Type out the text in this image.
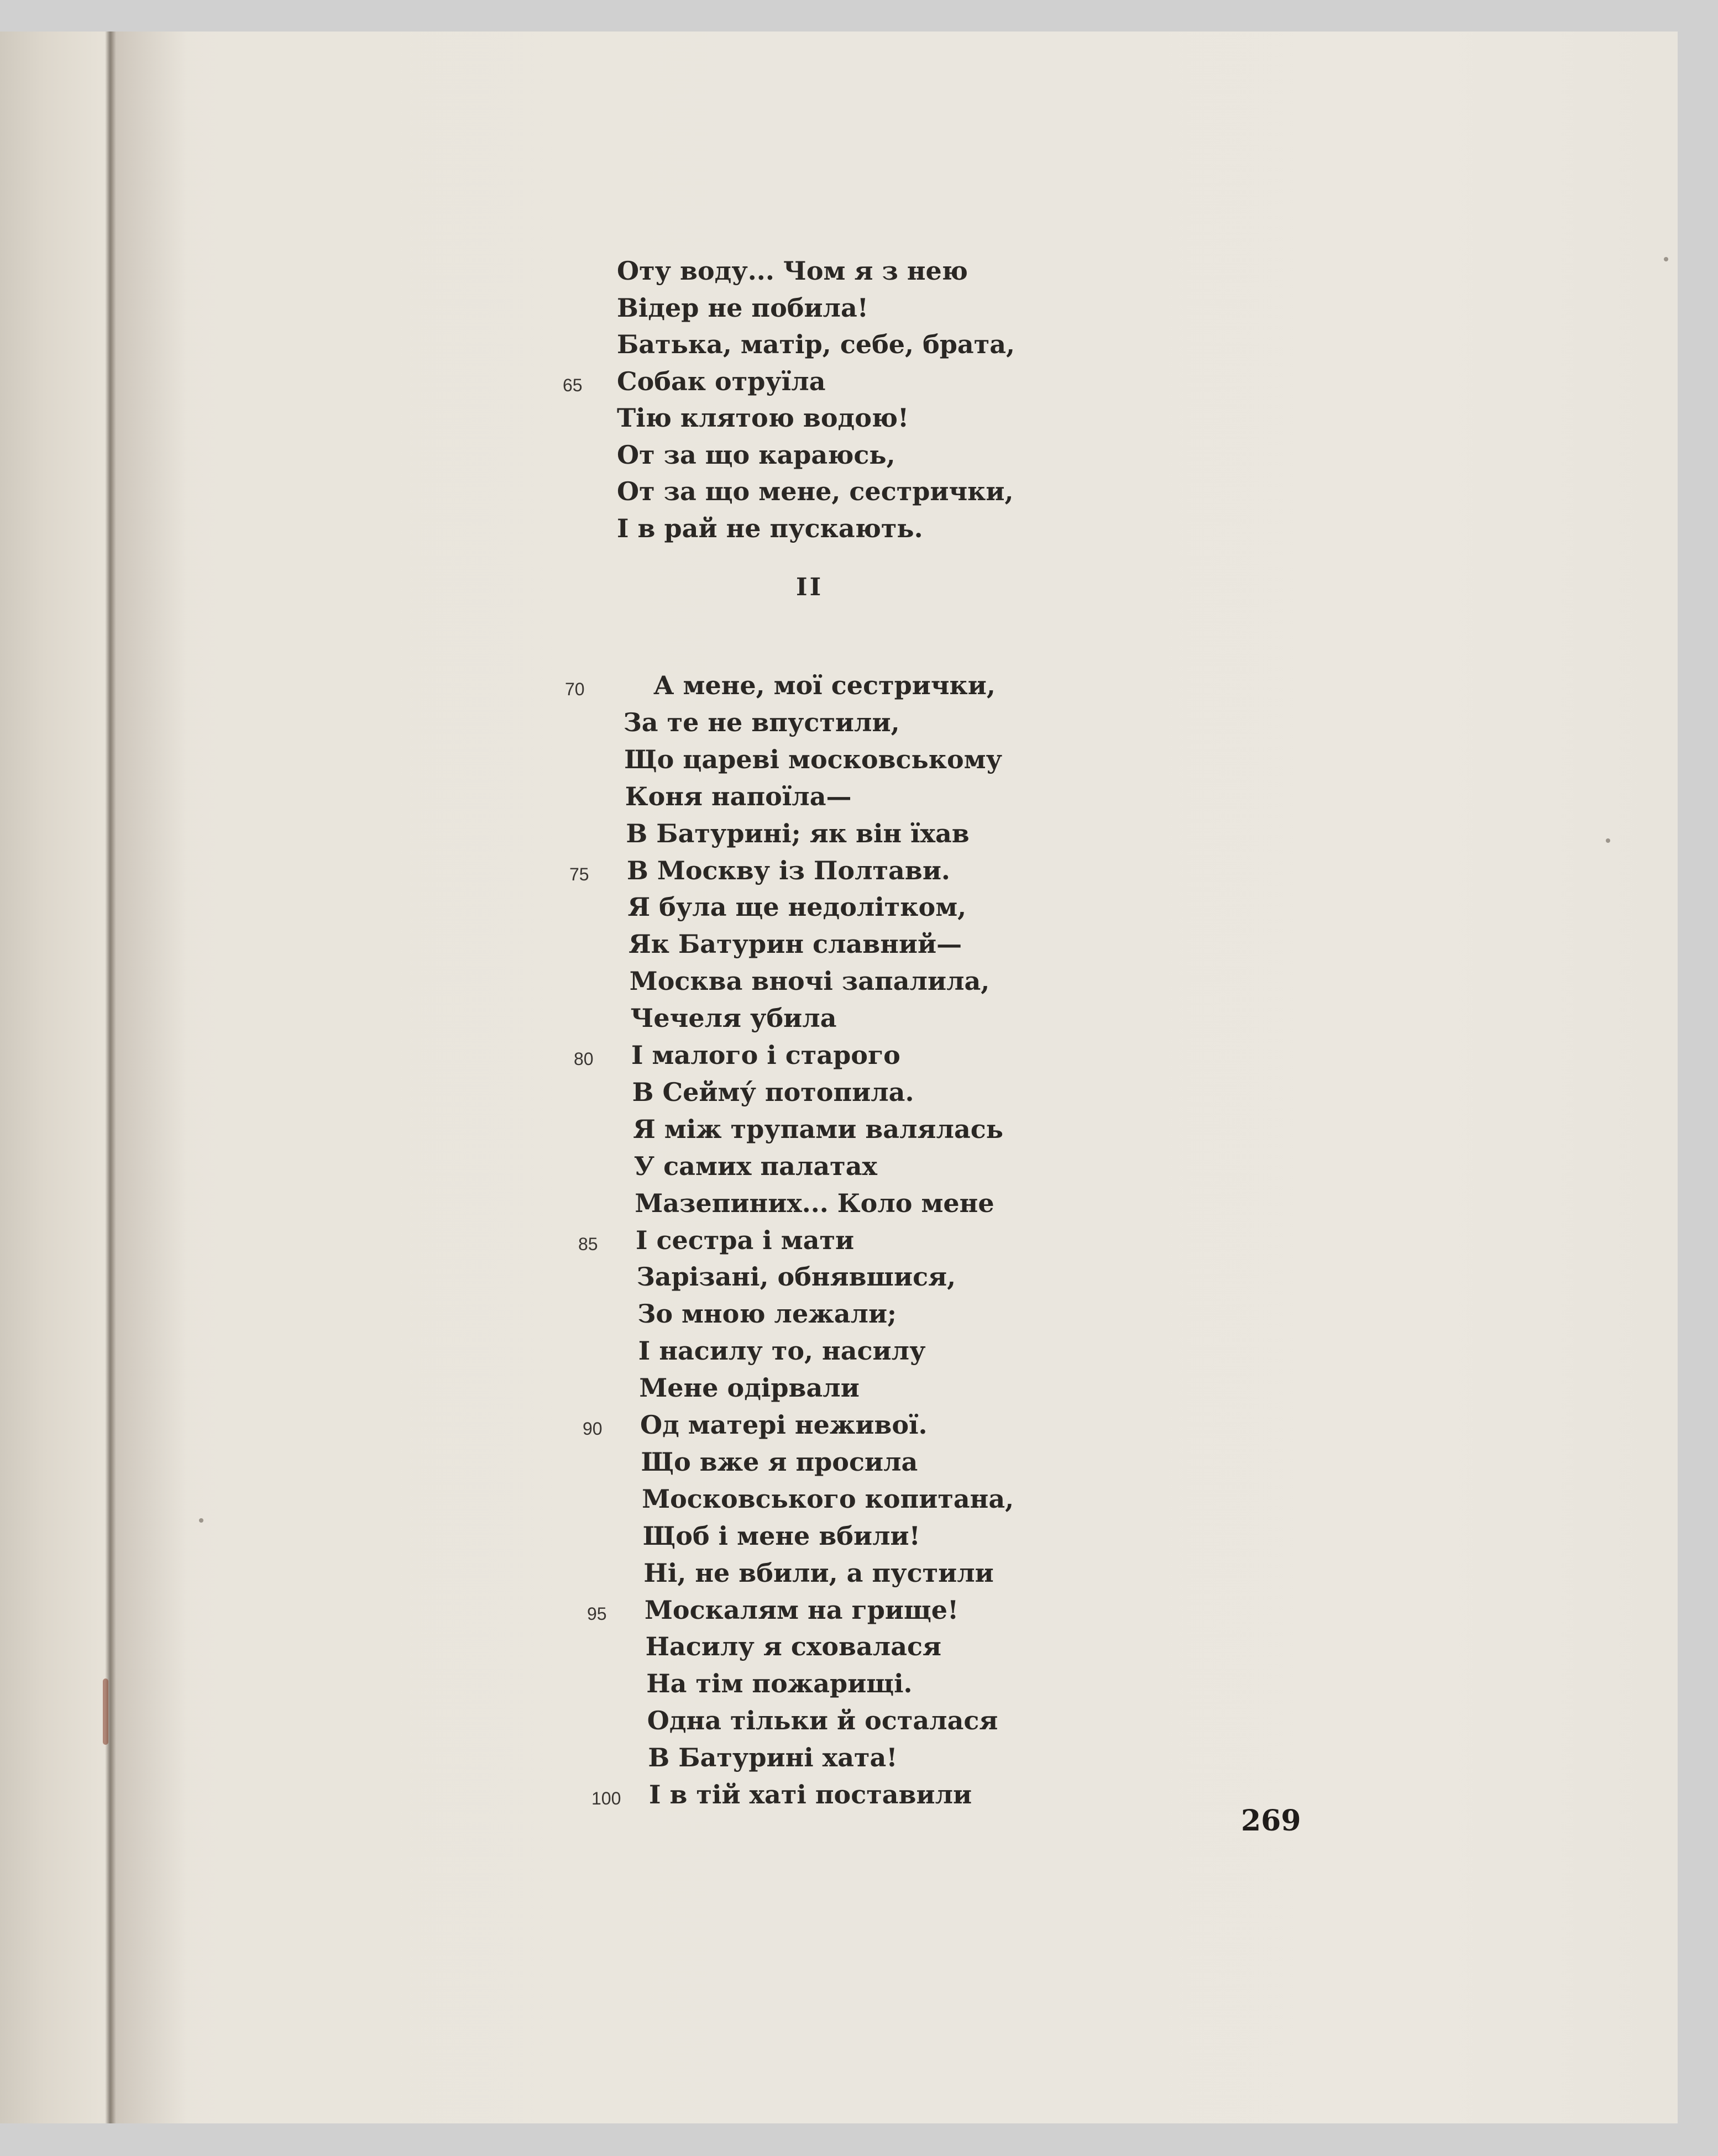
Оту воду... Чом я з нею
Відер не побила!
Батька, матір, себе, брата,
Собак отруїла
65
Тію клятою водою!
От за що караюсь,
От за що мене, сестрички,
I в рай не пускають.
А мене, мої сестрички,
70
За те не впустили,
Що цареві московському
Коня напоїла—
В Батурині; як він їхав
В Москву із Полтави.
75
Я була ще недолітком,
Як Батурин славний—
Москва вночі запалила,
Чечеля убила
I малого і старого
80
В Сейму́ потопила.
Я між трупами валялась
У самих палатах
Мазепиних... Коло мене
I сестра і мати
85
Зарізані, обнявшися,
Зо мною лежали;
I насилу то, насилу
Мене одірвали
Од матері неживої.
90
Що вже я просила
Московського копитана,
Щоб і мене вбили!
Ні, не вбили, а пустили
Москалям на грище!
95
Насилу я сховалася
На тім пожарищі.
Одна тільки й осталася
В Батурині хата!
I в тій хаті поставили
100
II
269
